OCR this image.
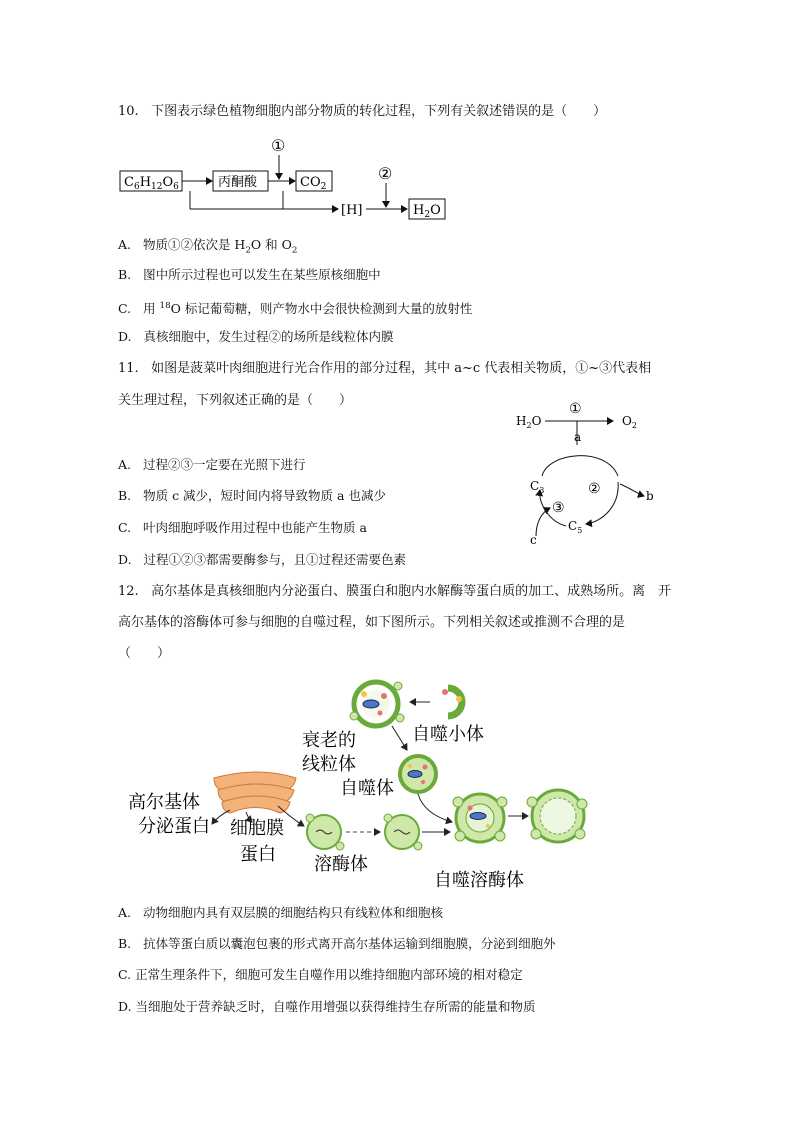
10. 下图表示绿色植物细胞内部分物质的转化过程，下列有关叙述错误的是（　　）
$C_6H_{12}O_6$	丙酮酸
①
$CO_2$
[H]
②
$H_2O$
A. 物质①②依次是 $H_2O$ 和 $O_2$
B. 图中所示过程也可以发生在某些原核细胞中
C. 用 $^{18}$O 标记葡萄糖，则产物水中会很快检测到大量的放射性
D. 真核细胞中，发生过程②的场所是线粒体内膜
11. 如图是菠菜叶肉细胞进行光合作用的部分过程，其中 a~c 代表相关物质，①~③代表相
关生理过程，下列叙述正确的是（　　）
$H_2O$	$O_2$
①
a
$C_3$
$C_5$
②
③
b
c
A. 过程②③一定要在光照下进行
B. 物质 c 减少，短时间内将导致物质 a 也减少
C. 叶肉细胞呼吸作用过程中也能产生物质 a
D. 过程①②③都需要酶参与，且①过程还需要色素
12. 高尔基体是真核细胞内分泌蛋白、膜蛋白和胞内水解酶等蛋白质的加工、成熟场所。离　开
高尔基体的溶酶体可参与细胞的自噬过程，如下图所示。下列相关叙述或推测不合理的是
（　　）
衰老的
线粒体
自噬小体
自噬体
高尔基体
分泌蛋白 细胞膜
蛋白 溶酶体
自噬溶酶体
A. 动物细胞内具有双层膜的细胞结构只有线粒体和细胞核
B. 抗体等蛋白质以囊泡包裹的形式离开高尔基体运输到细胞膜，分泌到细胞外
C. 正常生理条件下，细胞可发生自噬作用以维持细胞内部环境的相对稳定
D. 当细胞处于营养缺乏时，自噬作用增强以获得维持生存所需的能量和物质
